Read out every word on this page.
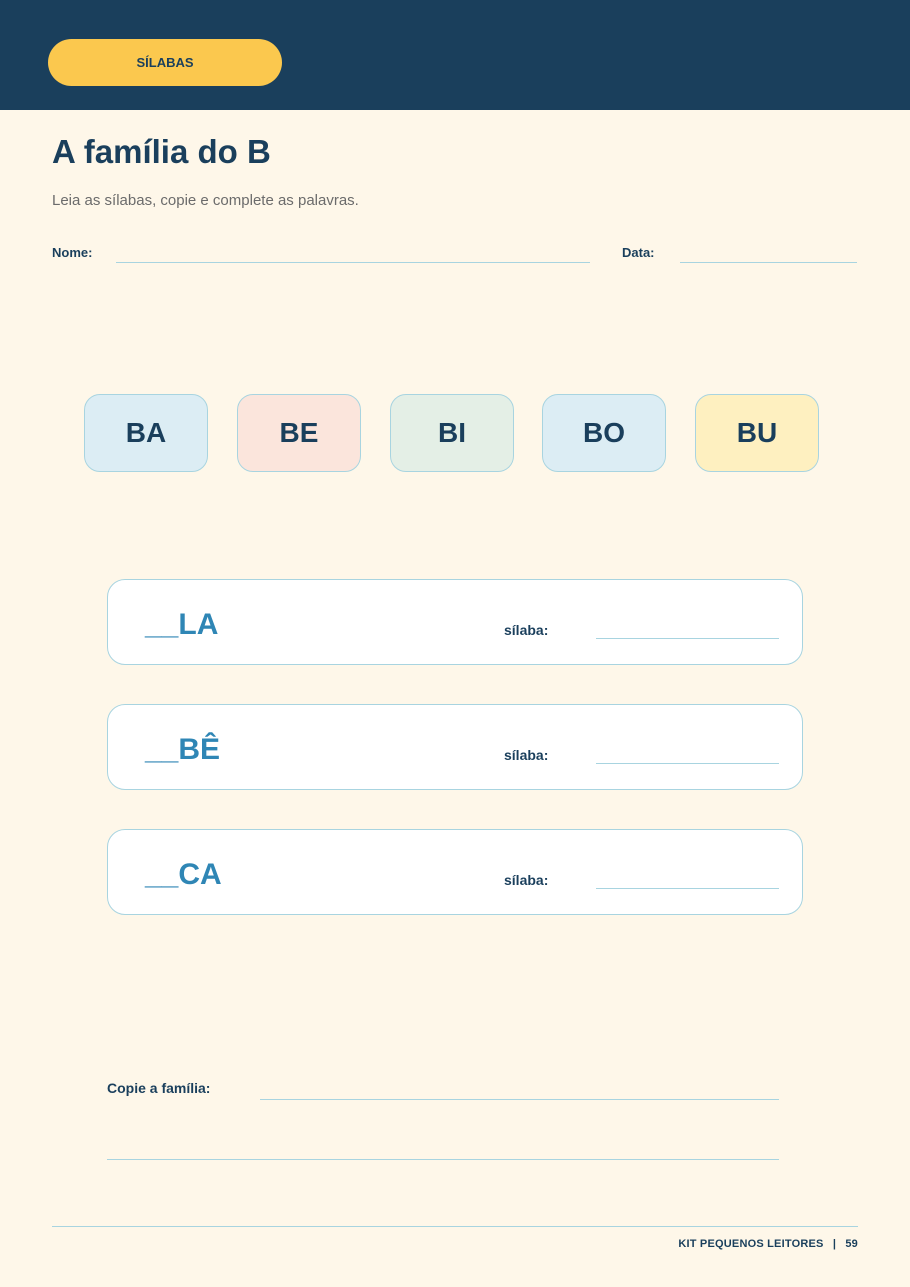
SÍLABAS
A família do B
Leia as sílabas, copie e complete as palavras.
Nome:	Data:
BA	BE	BI	BO	BU
__LA	sílaba:
__BÊ	sílaba:
__CA	sílaba:
Copie a família:
KIT PEQUENOS LEITORES | 59
